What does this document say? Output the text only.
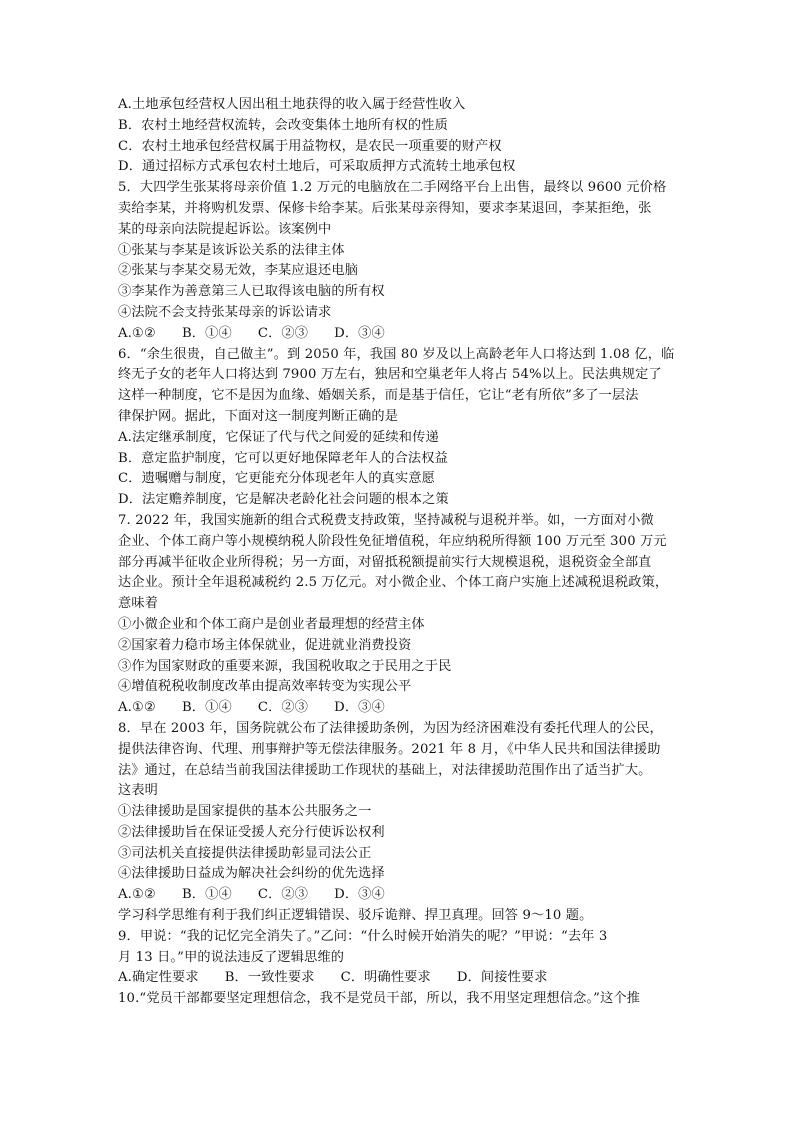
A.土地承包经营权人因出租土地获得的收入属于经营性收入
B．农村土地经营权流转，会改变集体土地所有权的性质
C．农村土地承包经营权属于用益物权，是农民一项重要的财产权
D．通过招标方式承包农村土地后，可采取质押方式流转土地承包权
5．大四学生张某将母亲价值 1.2 万元的电脑放在二手网络平台上出售，最终以 9600 元价格
卖给李某，并将购机发票、保修卡给李某。后张某母亲得知，要求李某退回，李某拒绝，张
某的母亲向法院提起诉讼。该案例中
①张某与李某是该诉讼关系的法律主体
②张某与李某交易无效，李某应退还电脑
③李某作为善意第三人已取得该电脑的所有权
④法院不会支持张某母亲的诉讼请求
A.①② B．①④ C．②③ D．③④
6．“余生很贵，自己做主”。到 2050 年，我国 80 岁及以上高龄老年人口将达到 1.08 亿，临
终无子女的老年人口将达到 7900 万左右，独居和空巢老年人将占 54%以上。民法典规定了
这样一种制度，它不是因为血缘、婚姻关系，而是基于信任，它让“老有所依”多了一层法
律保护网。据此，下面对这一制度判断正确的是
A.法定继承制度，它保证了代与代之间爱的延续和传递
B．意定监护制度，它可以更好地保障老年人的合法权益
C．遗嘱赠与制度，它更能充分体现老年人的真实意愿
D．法定赡养制度，它是解决老龄化社会问题的根本之策
7. 2022 年，我国实施新的组合式税费支持政策，坚持减税与退税并举。如，一方面对小微
企业、个体工商户等小规模纳税人阶段性免征增值税，年应纳税所得额 100 万元至 300 万元
部分再减半征收企业所得税；另一方面，对留抵税额提前实行大规模退税，退税资金全部直
达企业。预计全年退税减税约 2.5 万亿元。对小微企业、个体工商户实施上述减税退税政策，
意味着
①小微企业和个体工商户是创业者最理想的经营主体
②国家着力稳市场主体保就业，促进就业消费投资
③作为国家财政的重要来源，我国税收取之于民用之于民
④增值税税收制度改革由提高效率转变为实现公平
A.①② B．①④ C．②③ D．③④
8．早在 2003 年，国务院就公布了法律援助条例，为因为经济困难没有委托代理人的公民，
提供法律咨询、代理、刑事辩护等无偿法律服务。2021 年 8 月，《中华人民共和国法律援助
法》通过，在总结当前我国法律援助工作现状的基础上，对法律援助范围作出了适当扩大。
这表明
①法律援助是国家提供的基本公共服务之一
②法律援助旨在保证受援人充分行使诉讼权利
③司法机关直接提供法律援助彰显司法公正
④法律援助日益成为解决社会纠纷的优先选择
A.①② B．①④ C．②③ D．③④
学习科学思维有利于我们纠正逻辑错误、驳斥诡辩、捍卫真理。回答 9～10 题。
9．甲说：“我的记忆完全消失了。”乙问：“什么时候开始消失的呢？”甲说：“去年 3
月 13 日。”甲的说法违反了逻辑思维的
A.确定性要求 B．一致性要求 C．明确性要求 D．间接性要求
10.“党员干部都要坚定理想信念，我不是党员干部，所以，我不用坚定理想信念。”这个推
